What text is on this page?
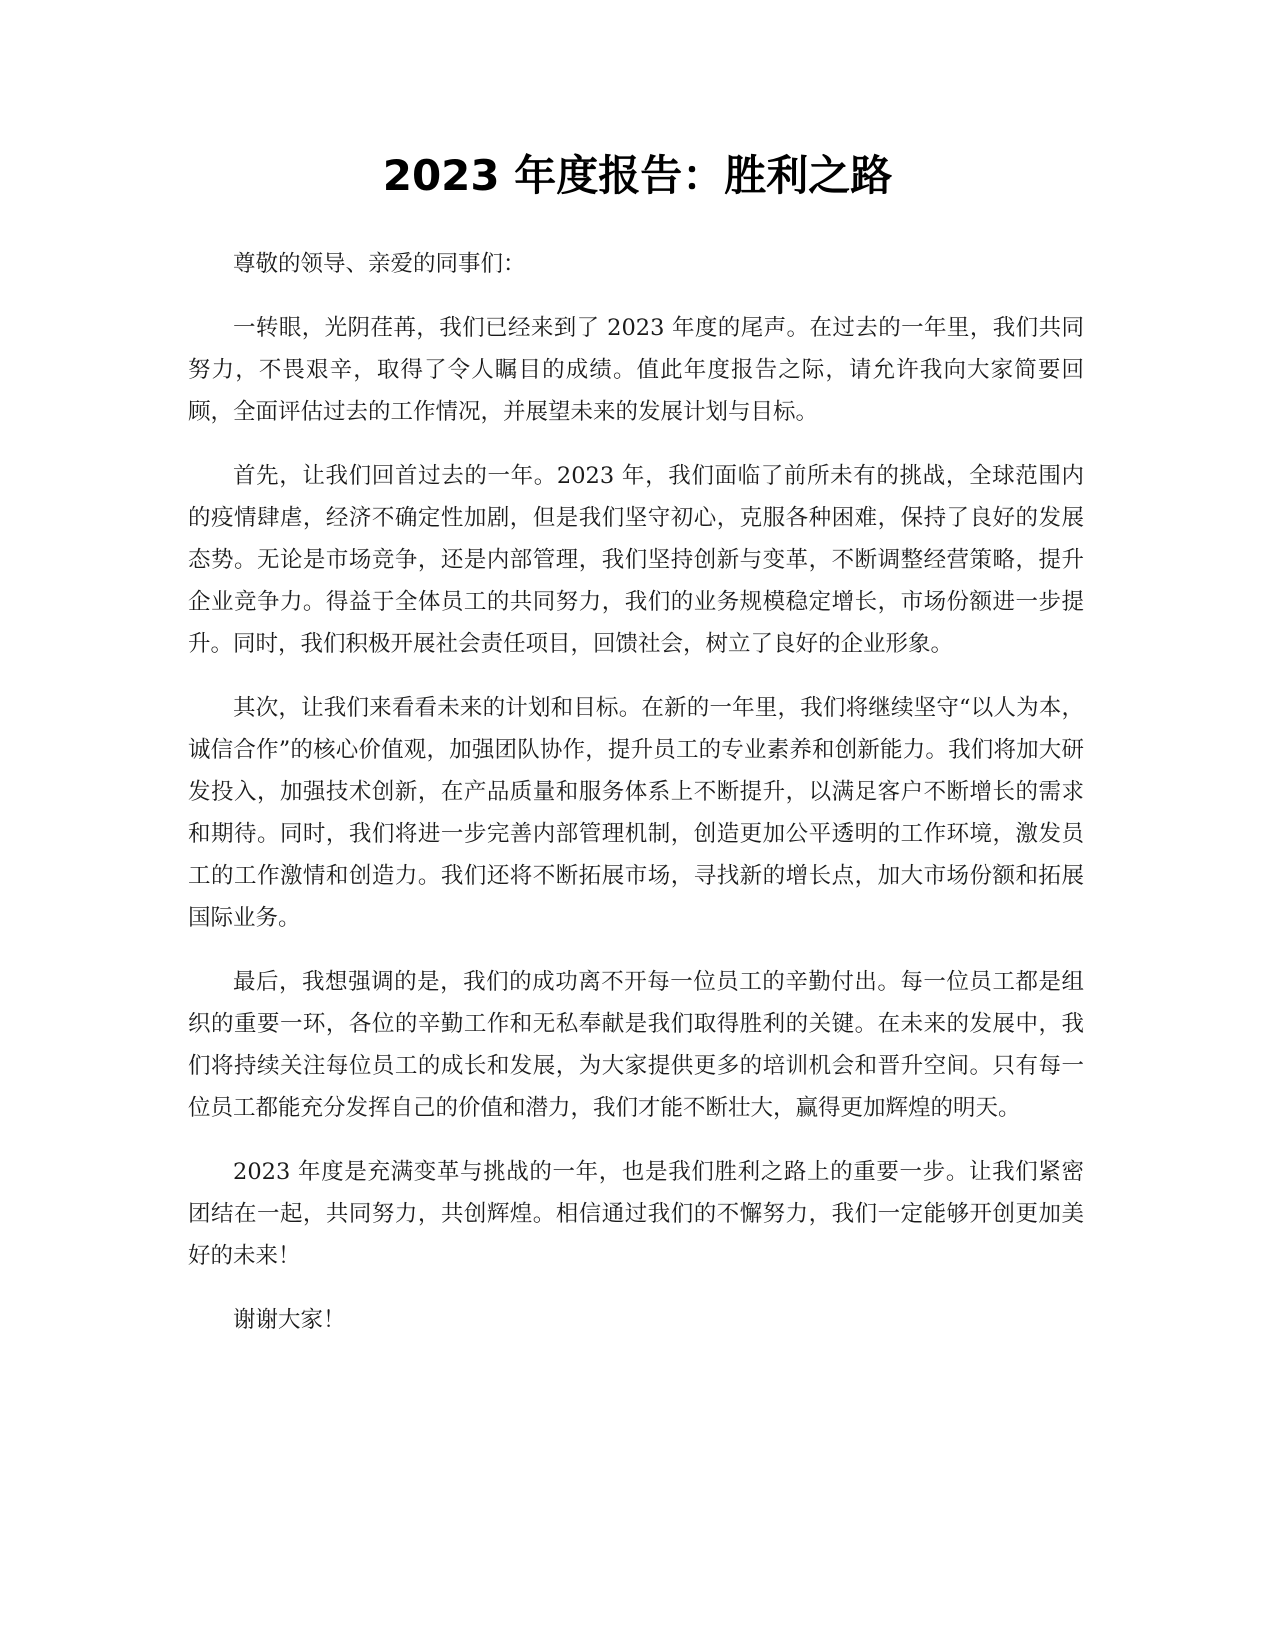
2023 年度报告：胜利之路

尊敬的领导、亲爱的同事们：

一转眼，光阴荏苒，我们已经来到了 2023 年度的尾声。在过去的一年里，我们共同努力，不畏艰辛，取得了令人瞩目的成绩。值此年度报告之际，请允许我向大家简要回顾，全面评估过去的工作情况，并展望未来的发展计划与目标。

首先，让我们回首过去的一年。2023 年，我们面临了前所未有的挑战，全球范围内的疫情肆虐，经济不确定性加剧，但是我们坚守初心，克服各种困难，保持了良好的发展态势。无论是市场竞争，还是内部管理，我们坚持创新与变革，不断调整经营策略，提升企业竞争力。得益于全体员工的共同努力，我们的业务规模稳定增长，市场份额进一步提升。同时，我们积极开展社会责任项目，回馈社会，树立了良好的企业形象。

其次，让我们来看看未来的计划和目标。在新的一年里，我们将继续坚守“以人为本，诚信合作”的核心价值观，加强团队协作，提升员工的专业素养和创新能力。我们将加大研发投入，加强技术创新，在产品质量和服务体系上不断提升，以满足客户不断增长的需求和期待。同时，我们将进一步完善内部管理机制，创造更加公平透明的工作环境，激发员工的工作激情和创造力。我们还将不断拓展市场，寻找新的增长点，加大市场份额和拓展国际业务。

最后，我想强调的是，我们的成功离不开每一位员工的辛勤付出。每一位员工都是组织的重要一环，各位的辛勤工作和无私奉献是我们取得胜利的关键。在未来的发展中，我们将持续关注每位员工的成长和发展，为大家提供更多的培训机会和晋升空间。只有每一位员工都能充分发挥自己的价值和潜力，我们才能不断壮大，赢得更加辉煌的明天。

2023 年度是充满变革与挑战的一年，也是我们胜利之路上的重要一步。让我们紧密团结在一起，共同努力，共创辉煌。相信通过我们的不懈努力，我们一定能够开创更加美好的未来！

谢谢大家！
